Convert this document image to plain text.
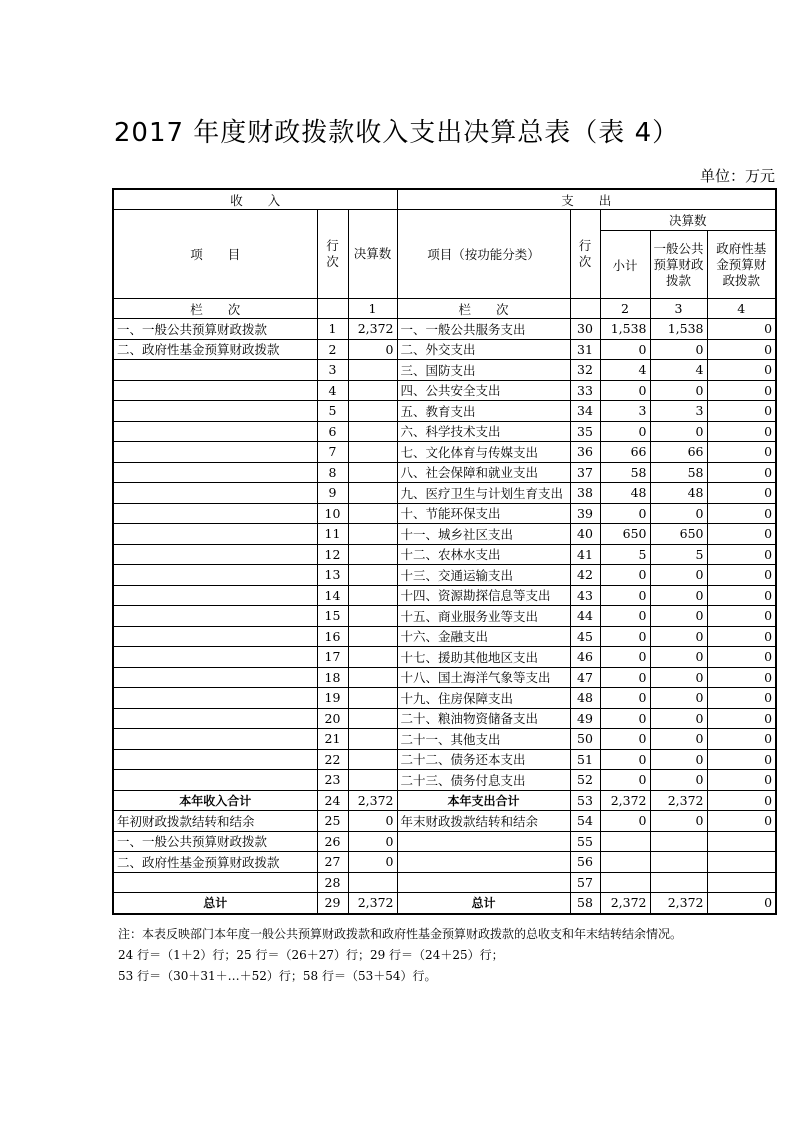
2017 年度财政拨款收入支出决算总表（表 4）
单位：万元
收　　入			支　　出				
项　　目	行次	决算数	项目（按功能分类）	行次	决算数		
					小计	一般公共预算财政拨款	政府性基金预算财政拨款
栏　　次		1	栏　　次		2	3	4
一、一般公共预算财政拨款	1	2,372	一、一般公共服务支出	30	1,538	1,538	0
二、政府性基金预算财政拨款	2	0	二、外交支出	31	0	0	0
	3		三、国防支出	32	4	4	0
	4		四、公共安全支出	33	0	0	0
	5		五、教育支出	34	3	3	0
	6		六、科学技术支出	35	0	0	0
	7		七、文化体育与传媒支出	36	66	66	0
	8		八、社会保障和就业支出	37	58	58	0
	9		九、医疗卫生与计划生育支出	38	48	48	0
	10		十、节能环保支出	39	0	0	0
	11		十一、城乡社区支出	40	650	650	0
	12		十二、农林水支出	41	5	5	0
	13		十三、交通运输支出	42	0	0	0
	14		十四、资源勘探信息等支出	43	0	0	0
	15		十五、商业服务业等支出	44	0	0	0
	16		十六、金融支出	45	0	0	0
	17		十七、援助其他地区支出	46	0	0	0
	18		十八、国土海洋气象等支出	47	0	0	0
	19		十九、住房保障支出	48	0	0	0
	20		二十、粮油物资储备支出	49	0	0	0
	21		二十一、其他支出	50	0	0	0
	22		二十二、债务还本支出	51	0	0	0
	23		二十三、债务付息支出	52	0	0	0
本年收入合计	24	2,372	本年支出合计	53	2,372	2,372	0
年初财政拨款结转和结余	25	0	年末财政拨款结转和结余	54	0	0	0
一、一般公共预算财政拨款	26	0		55			
二、政府性基金预算财政拨款	27	0		56			
	28			57			
总计	29	2,372	总计	58	2,372	2,372	0
注：本表反映部门本年度一般公共预算财政拨款和政府性基金预算财政拨款的总收支和年末结转结余情况。
24 行＝（1＋2）行；25 行＝（26＋27）行；29 行＝（24＋25）行；
53 行＝（30＋31＋…＋52）行；58 行＝（53＋54）行。
